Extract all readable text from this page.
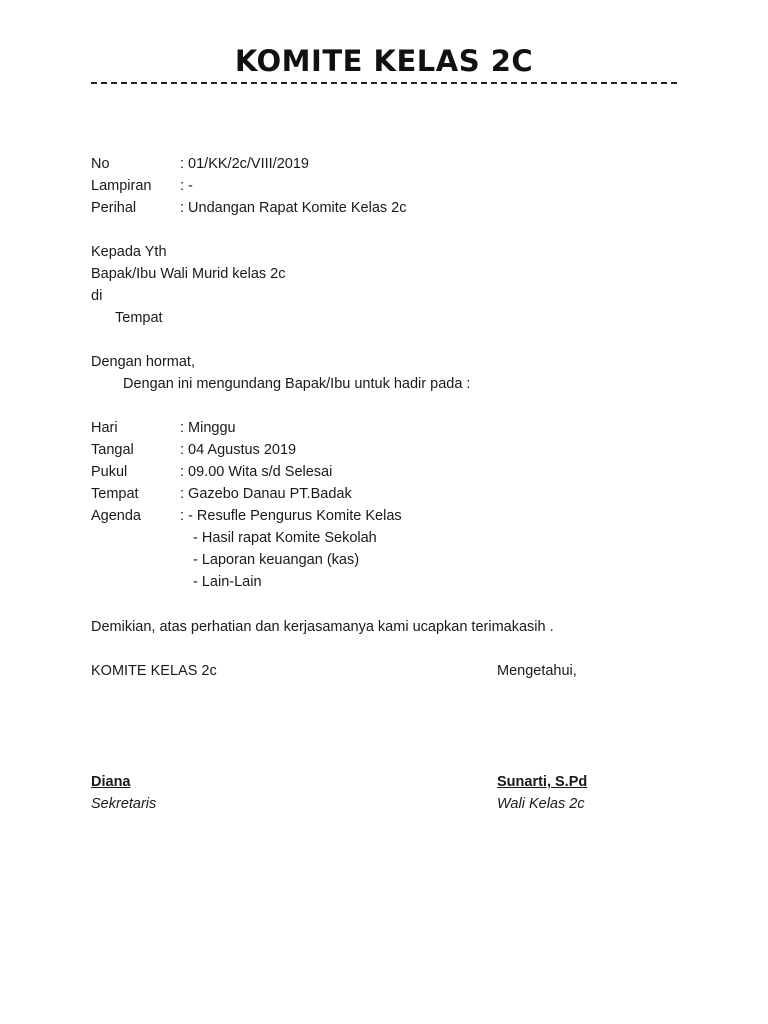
KOMITE KELAS 2C
No	: 01/KK/2c/VIII/2019
Lampiran : -
Perihal	: Undangan Rapat Komite Kelas 2c
Kepada Yth
Bapak/Ibu Wali Murid kelas 2c
di
Tempat
Dengan hormat,
Dengan ini mengundang Bapak/Ibu untuk hadir pada :
Hari	: Minggu
Tangal	: 04 Agustus 2019
Pukul	: 09.00 Wita s/d Selesai
Tempat	: Gazebo Danau PT.Badak
Agenda	: - Resufle Pengurus Komite Kelas
- Hasil rapat Komite Sekolah
- Laporan keuangan (kas)
- Lain-Lain
Demikian, atas perhatian dan kerjasamanya kami ucapkan terimakasih .
KOMITE KELAS 2c	Mengetahui,
Diana
Sekretaris
Sunarti, S.Pd
Wali Kelas 2c
